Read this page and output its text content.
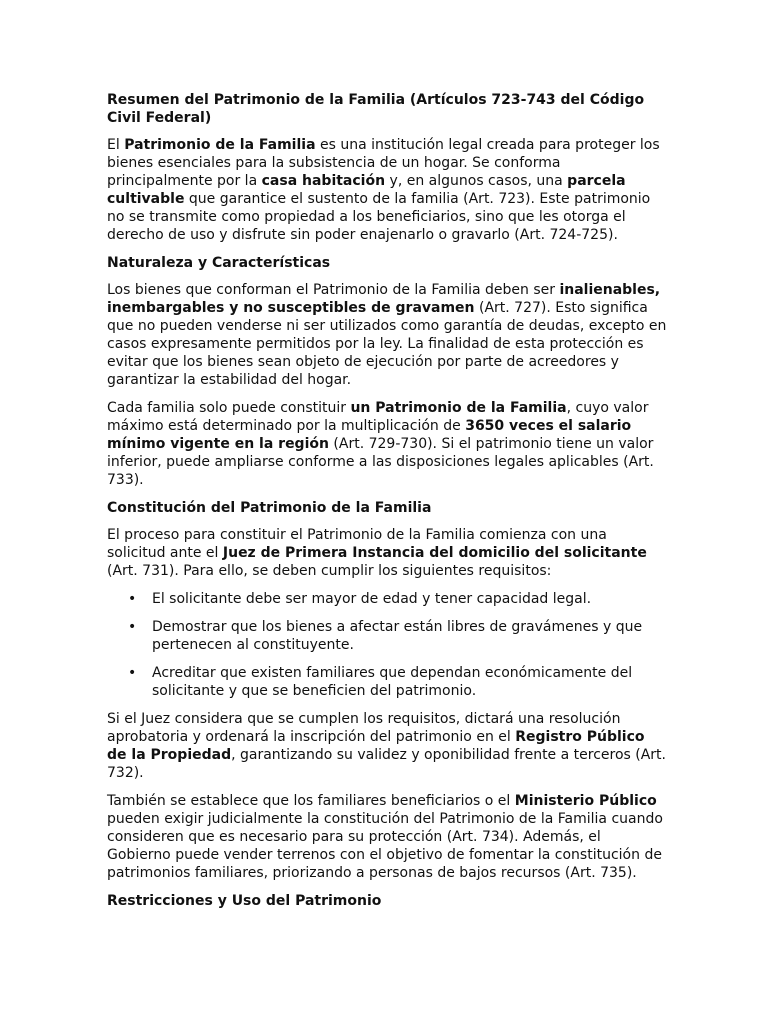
Resumen del Patrimonio de la Familia (Artículos 723-743 del Código Civil Federal)

El Patrimonio de la Familia es una institución legal creada para proteger los bienes esenciales para la subsistencia de un hogar. Se conforma principalmente por la casa habitación y, en algunos casos, una parcela cultivable que garantice el sustento de la familia (Art. 723). Este patrimonio no se transmite como propiedad a los beneficiarios, sino que les otorga el derecho de uso y disfrute sin poder enajenarlo o gravarlo (Art. 724-725).

Naturaleza y Características

Los bienes que conforman el Patrimonio de la Familia deben ser inalienables, inembargables y no susceptibles de gravamen (Art. 727). Esto significa que no pueden venderse ni ser utilizados como garantía de deudas, excepto en casos expresamente permitidos por la ley. La finalidad de esta protección es evitar que los bienes sean objeto de ejecución por parte de acreedores y garantizar la estabilidad del hogar.

Cada familia solo puede constituir un Patrimonio de la Familia, cuyo valor máximo está determinado por la multiplicación de 3650 veces el salario mínimo vigente en la región (Art. 729-730). Si el patrimonio tiene un valor inferior, puede ampliarse conforme a las disposiciones legales aplicables (Art. 733).

Constitución del Patrimonio de la Familia

El proceso para constituir el Patrimonio de la Familia comienza con una solicitud ante el Juez de Primera Instancia del domicilio del solicitante (Art. 731). Para ello, se deben cumplir los siguientes requisitos:

• El solicitante debe ser mayor de edad y tener capacidad legal.
• Demostrar que los bienes a afectar están libres de gravámenes y que pertenecen al constituyente.
• Acreditar que existen familiares que dependan económicamente del solicitante y que se beneficien del patrimonio.

Si el Juez considera que se cumplen los requisitos, dictará una resolución aprobatoria y ordenará la inscripción del patrimonio en el Registro Público de la Propiedad, garantizando su validez y oponibilidad frente a terceros (Art. 732).

También se establece que los familiares beneficiarios o el Ministerio Público pueden exigir judicialmente la constitución del Patrimonio de la Familia cuando consideren que es necesario para su protección (Art. 734). Además, el Gobierno puede vender terrenos con el objetivo de fomentar la constitución de patrimonios familiares, priorizando a personas de bajos recursos (Art. 735).

Restricciones y Uso del Patrimonio
